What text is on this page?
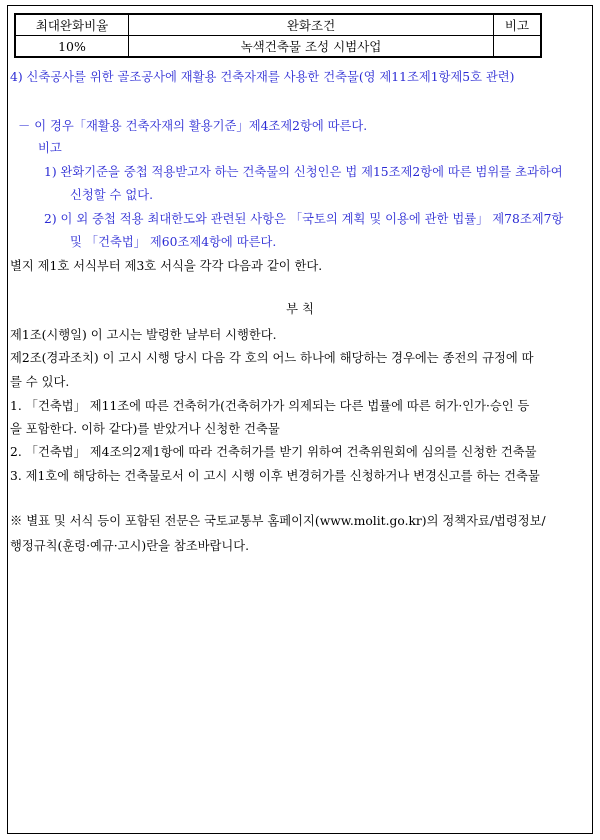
최대완화비율	완화조건	비고
10%	녹색건축물 조성 시범사업	
4) 신축공사를 위한 골조공사에 재활용 건축자재를 사용한 건축물(영 제11조제1항제5호 관련)
－ 이 경우「재활용 건축자재의 활용기준」제4조제2항에 따른다.
비고
1) 완화기준을 중첩 적용받고자 하는 건축물의 신청인은 법 제15조제2항에 따른 범위를 초과하여
신청할 수 없다.
2) 이 외 중첩 적용 최대한도와 관련된 사항은 「국토의 계획 및 이용에 관한 법률」 제78조제7항
및 「건축법」 제60조제4항에 따른다.
별지 제1호 서식부터 제3호 서식을 각각 다음과 같이 한다.
부 칙
제1조(시행일) 이 고시는 발령한 날부터 시행한다.
제2조(경과조치) 이 고시 시행 당시 다음 각 호의 어느 하나에 해당하는 경우에는 종전의 규정에 따
를 수 있다.
1. 「건축법」 제11조에 따른 건축허가(건축허가가 의제되는 다른 법률에 따른 허가·인가·승인 등
을 포함한다. 이하 같다)를 받았거나 신청한 건축물
2. 「건축법」 제4조의2제1항에 따라 건축허가를 받기 위하여 건축위원회에 심의를 신청한 건축물
3. 제1호에 해당하는 건축물로서 이 고시 시행 이후 변경허가를 신청하거나 변경신고를 하는 건축물
※ 별표 및 서식 등이 포함된 전문은 국토교통부 홈페이지(www.molit.go.kr)의 정책자료/법령정보/
행정규칙(훈령·예규·고시)란을 참조바랍니다.
